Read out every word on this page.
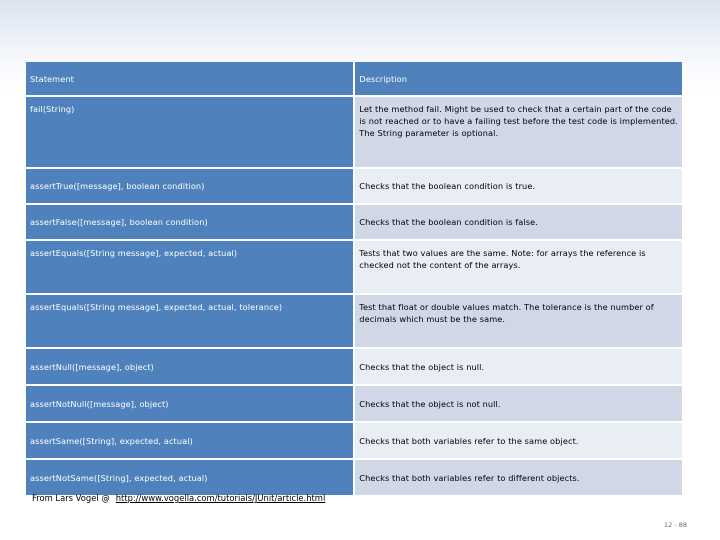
Statement	Description
fail(String)	Let the method fail. Might be used to check that a certain part of the code is not reached or to have a failing test before the test code is implemented. The String parameter is optional.
assertTrue([message], boolean condition)	Checks that the boolean condition is true.
assertFalse([message], boolean condition)	Checks that the boolean condition is false.
assertEquals([String message], expected, actual)	Tests that two values are the same. Note: for arrays the reference is checked not the content of the arrays.
assertEquals([String message], expected, actual, tolerance)	Test that float or double values match. The tolerance is the number of decimals which must be the same.
assertNull([message], object)	Checks that the object is null.
assertNotNull([message], object)	Checks that the object is not null.
assertSame([String], expected, actual)	Checks that both variables refer to the same object.
assertNotSame([String], expected, actual)	Checks that both variables refer to different objects.
From Lars Vogel @ http://www.vogella.com/tutorials/JUnit/article.html
12 - 88
